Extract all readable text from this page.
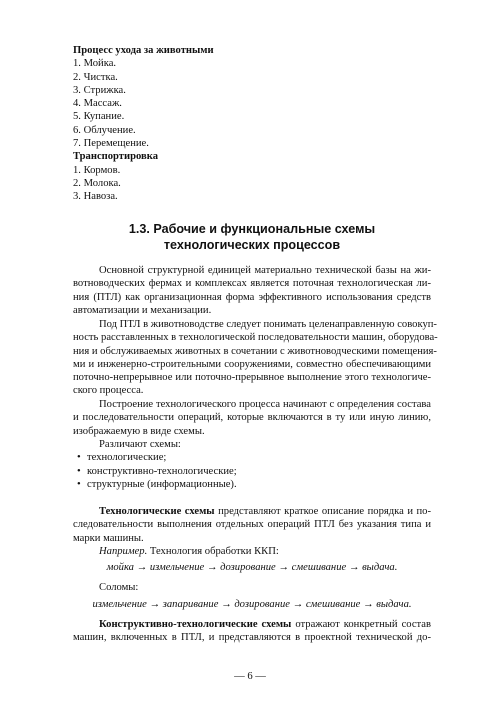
Процесс ухода за животными
1. Мойка.
2. Чистка.
3. Стрижка.
4. Массаж.
5. Купание.
6. Облучение.
7. Перемещение.
Транспортировка
1. Кормов.
2. Молока.
3. Навоза.
1.3. Рабочие и функциональные схемы
технологических процессов
Основной структурной единицей материально технической базы на жи-
вотноводческих фермах и комплексах является поточная технологическая ли-
ния (ПТЛ) как организационная форма эффективного использования средств
автоматизации и механизации.
Под ПТЛ в животноводстве следует понимать целенаправленную совокуп-
ность расставленных в технологической последовательности машин, оборудова-
ния и обслуживаемых животных в сочетании с животноводческими помещения-
ми и инженерно-строительными сооружениями, совместно обеспечивающими
поточно-непрерывное или поточно-прерывное выполнение этого технологиче-
ского процесса.
Построение технологического процесса начинают с определения состава
и последовательности операций, которые включаются в ту или иную линию,
изображаемую в виде схемы.
Различают схемы:
• технологические;
• конструктивно-технологические;
• структурные (информационные).
Технологические схемы представляют краткое описание порядка и по-
следовательности выполнения отдельных операций ПТЛ без указания типа и
марки машины.
Например. Технология обработки ККП:
мойка → измельчение → дозирование → смешивание → выдача.
Соломы:
измельчение → запаривание → дозирование → смешивание → выдача.
Конструктивно-технологические схемы отражают конкретный состав
машин, включенных в ПТЛ, и представляются в проектной технической до-
— 6 —
